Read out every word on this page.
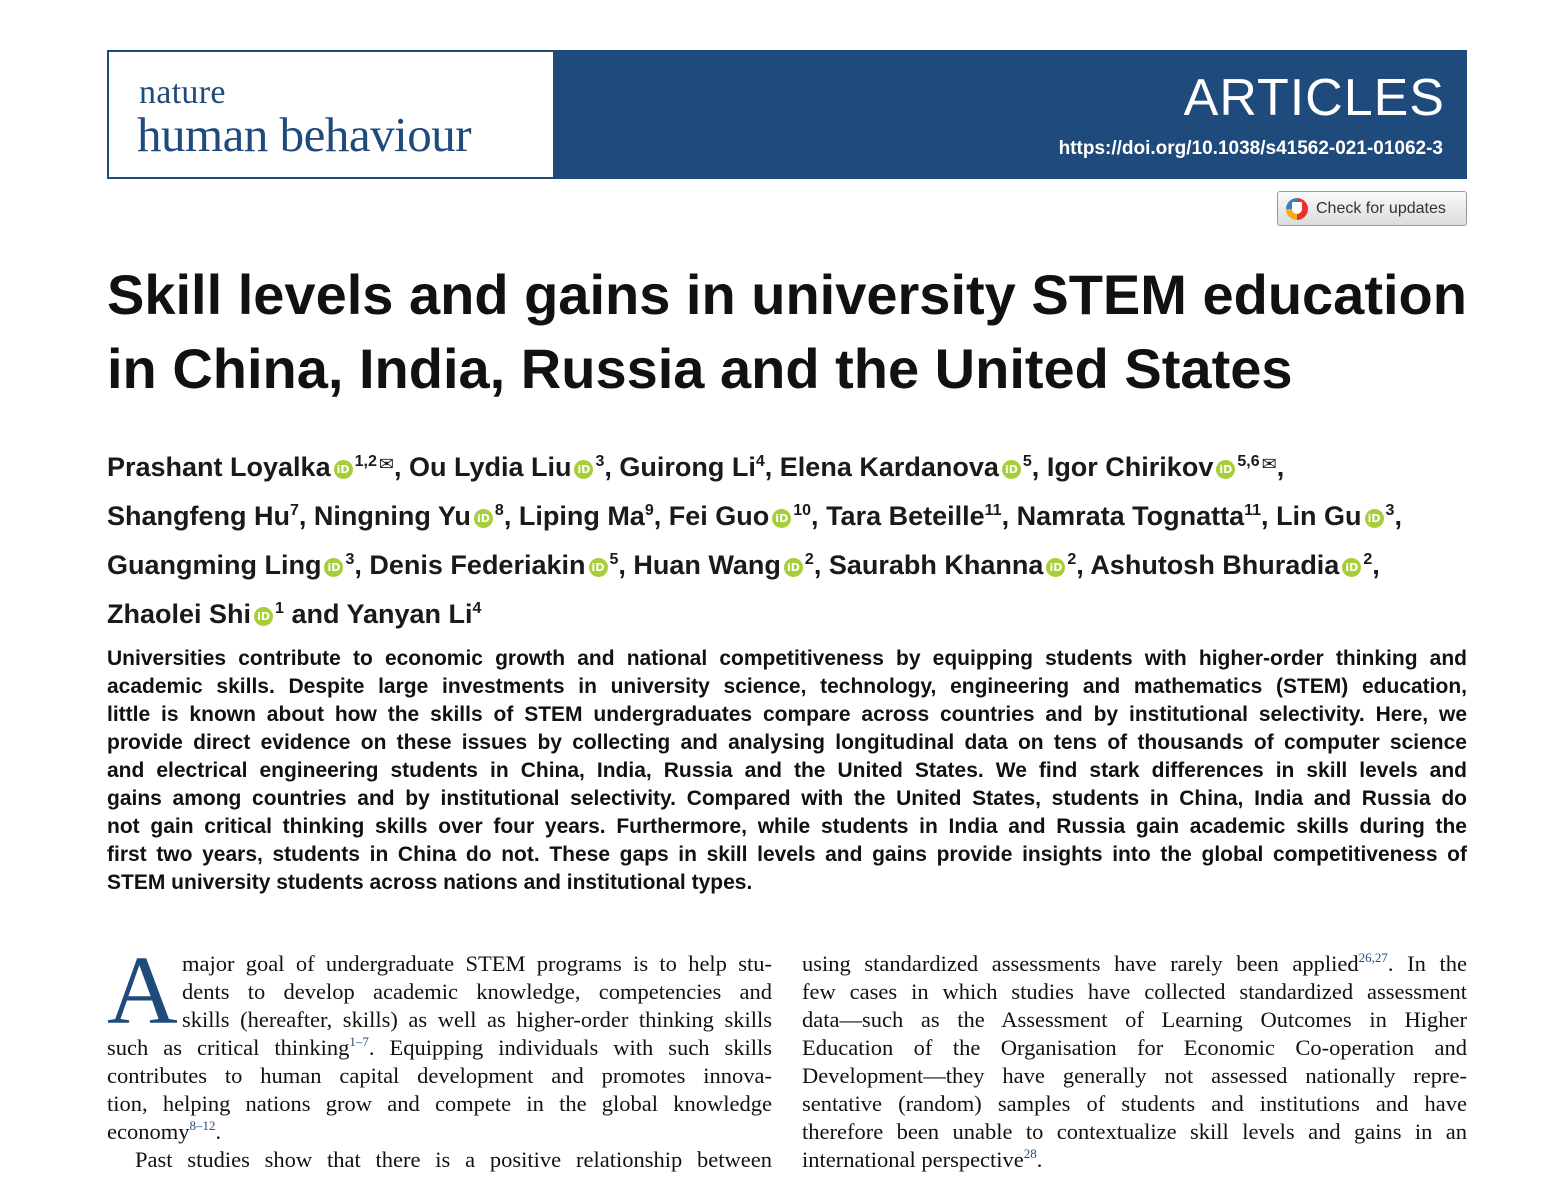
nature
human behaviour
ARTICLES
https://doi.org/10.1038/s41562-021-01062-3
Check for updates
Skill levels and gains in university STEM education
in China, India, Russia and the United States
Prashant Loyalka iD $^{1,2}$ ✉, Ou Lydia Liu iD $^3$, Guirong Li$^4$, Elena Kardanova iD $^5$, Igor Chirikov iD $^{5,6}$ ✉,
Shangfeng Hu$^7$, Ningning Yu iD $^8$, Liping Ma$^9$, Fei Guo iD $^{10}$, Tara Beteille$^{11}$, Namrata Tognatta$^{11}$, Lin Gu iD $^3$,
Guangming Ling iD $^3$, Denis Federiakin iD $^5$, Huan Wang iD $^2$, Saurabh Khanna iD $^2$, Ashutosh Bhuradia iD $^2$,
Zhaolei Shi iD $^1$ and Yanyan Li$^4$
Universities contribute to economic growth and national competitiveness by equipping students with higher-order thinking and
academic skills. Despite large investments in university science, technology, engineering and mathematics (STEM) education,
little is known about how the skills of STEM undergraduates compare across countries and by institutional selectivity. Here, we
provide direct evidence on these issues by collecting and analysing longitudinal data on tens of thousands of computer science
and electrical engineering students in China, India, Russia and the United States. We find stark differences in skill levels and
gains among countries and by institutional selectivity. Compared with the United States, students in China, India and Russia do
not gain critical thinking skills over four years. Furthermore, while students in India and Russia gain academic skills during the
first two years, students in China do not. These gaps in skill levels and gains provide insights into the global competitiveness of
STEM university students across nations and institutional types.
A major goal of undergraduate STEM programs is to help stu-
dents to develop academic knowledge, competencies and
skills (hereafter, skills) as well as higher-order thinking skills
such as critical thinking$^{1-7}$. Equipping individuals with such skills
contributes to human capital development and promotes innova-
tion, helping nations grow and compete in the global knowledge
economy$^{8-12}$.
Past studies show that there is a positive relationship between
using standardized assessments have rarely been applied$^{26,27}$. In the
few cases in which studies have collected standardized assessment
data—such as the Assessment of Learning Outcomes in Higher
Education of the Organisation for Economic Co-operation and
Development—they have generally not assessed nationally repre-
sentative (random) samples of students and institutions and have
therefore been unable to contextualize skill levels and gains in an
international perspective$^{28}$.
